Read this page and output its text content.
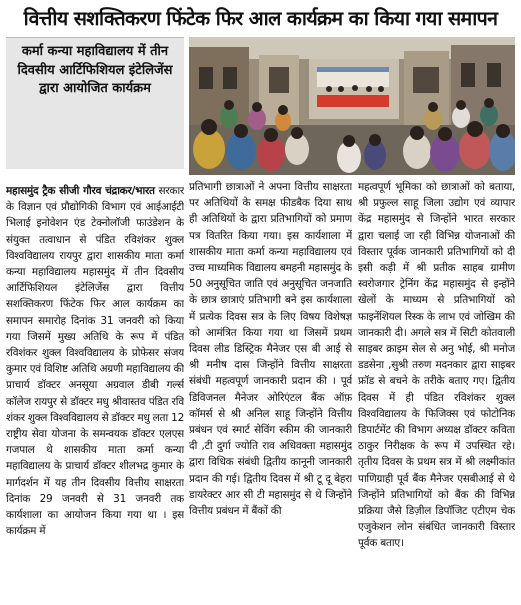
वित्तीय सशक्तिकरण फिंटेक फिर आल कार्यक्रम का किया गया समापन
कर्मा कन्या महाविद्यालय में तीन दिवसीय आर्टिफिशियल इंटेलिजेंस द्वारा आयोजित कार्यक्रम

महासमुंद ट्रैक सीजी गौरव चंद्राकर/भारत सरकार के विज्ञान एवं प्रौद्योगिकी विभाग एवं आईआईटी भिलाई इनोवेशन एंड टेक्नोलॉजी फाउंडेशन के संयुक्त तत्वाधान से पंडित रविशंकर शुक्ल विश्वविद्यालय रायपुर द्वारा शासकीय माता कर्मा कन्या महाविद्यालय महासमुंद में तीन दिवसीय आर्टिफिशियल इंटेलिजेंस द्वारा वित्तीय सशक्तिकरण फिंटेक फिर आल कार्यक्रम का समापन समारोह दिनांक 31 जनवरी को किया गया जिसमें मुख्य अतिथि के रूप में पंडित रविशंकर शुक्ल विश्वविद्यालय के प्रोफेसर संजय कुमार एवं विशिष्ट अतिथि अग्रणी महाविद्यालय की प्राचार्य डॉक्टर अनसूया अग्रवाल डीबी गर्ल्स कॉलेज रायपुर से डॉक्टर मधु श्रीवास्तव पंडित रवि शंकर शुक्ल विश्वविद्यालय से डॉक्टर मधु लता 12 राष्ट्रीय सेवा योजना के समन्वयक डॉक्टर एलएस गजपाल थे शासकीय माता कर्मा कन्या महाविद्यालय के प्राचार्य डॉक्टर शीलभद्र कुमार के मार्गदर्शन में यह तीन दिवसीय वित्तीय साक्षरता दिनांक 29 जनवरी से 31 जनवरी तक कार्यशाला का आयोजन किया गया था । इस कार्यक्रम में

प्रतिभागी छात्राओं ने अपना वित्तीय साक्षरता पर अतिथियों के समक्ष फीडबैक दिया साथ ही अतिथियों के द्वारा प्रतिभागियों को प्रमाण पत्र वितरित किया गया। इस कार्यशाला में शासकीय माता कर्मा कन्या महाविद्यालय एवं उच्च माध्यमिक विद्यालय बमहनी महासमुंद के 50 अनुसूचित जाति एवं अनुसूचित जनजाति के छात्र छात्राएं प्रतिभागी बने इस कार्यशाला में प्रत्येक दिवस सत्र के लिए विषय विशेषज्ञ को आमंत्रित किया गया था जिसमें प्रथम दिवस लीड डिस्ट्रिक मैनेजर एस बी आई से श्री मनीष दास जिन्होंने वित्तीय साक्षरता संबंधी महत्वपूर्ण जानकारी प्रदान की । पूर्व डिविजनल मैनेजर ओरिएंटल बैंक ऑफ़ कॉमर्स से श्री अनिल साहू जिन्होंने वित्तीय प्रबंधन एवं स्मार्ट सेविंग स्कीम की जानकारी दी ,टी दुर्गा ज्योति राव अधिवक्ता महासमुंद द्वारा विधिक संबंधी द्वितीय कानूनी जानकारी प्रदान की गई। द्वितीय दिवस में श्री टू दू बेहरा डायरेक्टर आर सी टी महासमुंद से थे जिन्होंने वित्तीय प्रबंधन में बैंकों की

महत्वपूर्ण भूमिका को छात्राओं को बताया, श्री प्रफुल्ल साहू जिला उद्योग एवं व्यापार केंद्र महासमुंद से जिन्होंने भारत सरकार द्वारा चलाई जा रही विभिन्न योजनाओं की विस्तार पूर्वक जानकारी प्रतिभागियों को दी इसी कड़ी में श्री प्रतीक साहब ग्रामीण स्वरोजगार ट्रेनिंग केंद्र महासमुंद से इन्होंने खेलों के माध्यम से प्रतिभागियों को फाइनेंशियल रिस्क के लाभ एवं जोखिम की जानकारी दी। अगले सत्र में सिटी कोतवाली साइबर क्राइम सेल से अनु भोई, श्री मनोज डडसेना ,सुश्री तरुण मदनकार द्वारा साइबर फ्रॉड से बचने के तरीके बताए गए। द्वितीय दिवस में ही पंडित रविशंकर शुक्ल विश्वविद्यालय के फिजिक्स एवं फोटोनिक डिपार्टमेंट की विभाग अध्यक्ष डॉक्टर कविता ठाकुर निरीक्षक के रूप में उपस्थित रहे। तृतीय दिवस के प्रथम सत्र में श्री लक्ष्मीकांत पाणिग्राही पूर्व बैंक मैनेजर एसबीआई से थे जिन्होंने प्रतिभागियों को बैंक की विभिन्न प्रक्रिया जैसे डिज़ील डिपॉजिट एटीएम चेक एजुकेशन लोन संबंधित जानकारी विस्तार पूर्वक बताए।
